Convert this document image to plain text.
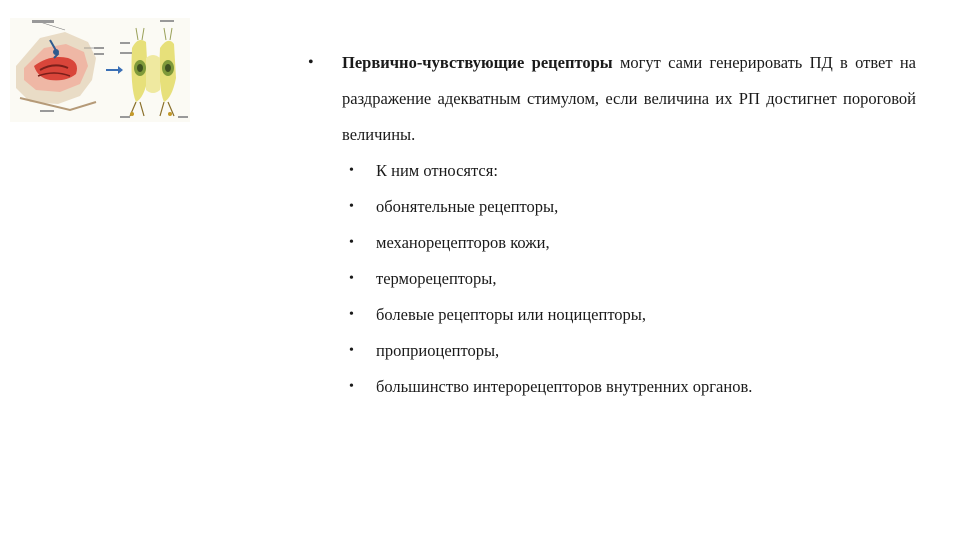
• Первично-чувствующие рецепторы могут сами генерировать ПД в ответ на раздражение адекватным стимулом, если величина их РП достигнет пороговой величины.

• К ним относятся:
• обонятельные рецепторы,
• механорецепторов кожи,
• терморецепторы,
• болевые рецепторы или ноцицепторы,
• проприоцепторы,
• большинство интерорецепторов внутренних органов.
